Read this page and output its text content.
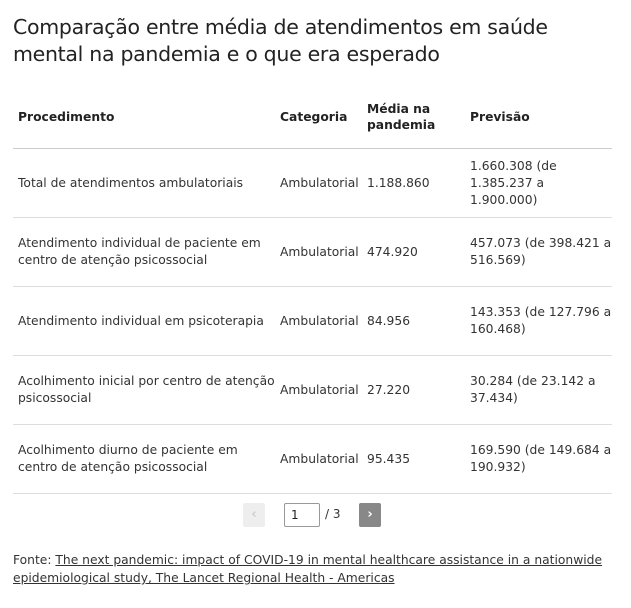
Comparação entre média de atendimentos em saúde mental na pandemia e o que era esperado
Procedimento	Categoria	Média na pandemia	Previsão
Total de atendimentos ambulatoriais	Ambulatorial	1.188.860	1.660.308 (de 1.385.237 a 1.900.000)
Atendimento individual de paciente em centro de atenção psicossocial	Ambulatorial	474.920	457.073 (de 398.421 a 516.569)
Atendimento individual em psicoterapia	Ambulatorial	84.956	143.353 (de 127.796 a 160.468)
Acolhimento inicial por centro de atenção psicossocial	Ambulatorial	27.220	30.284 (de 23.142 a 37.434)
Acolhimento diurno de paciente em centro de atenção psicossocial	Ambulatorial	95.435	169.590 (de 149.684 a 190.932)
‹
1	/ 3	›
Fonte: The next pandemic: impact of COVID-19 in mental healthcare assistance in a nationwide epidemiological study, The Lancet Regional Health - Americas
